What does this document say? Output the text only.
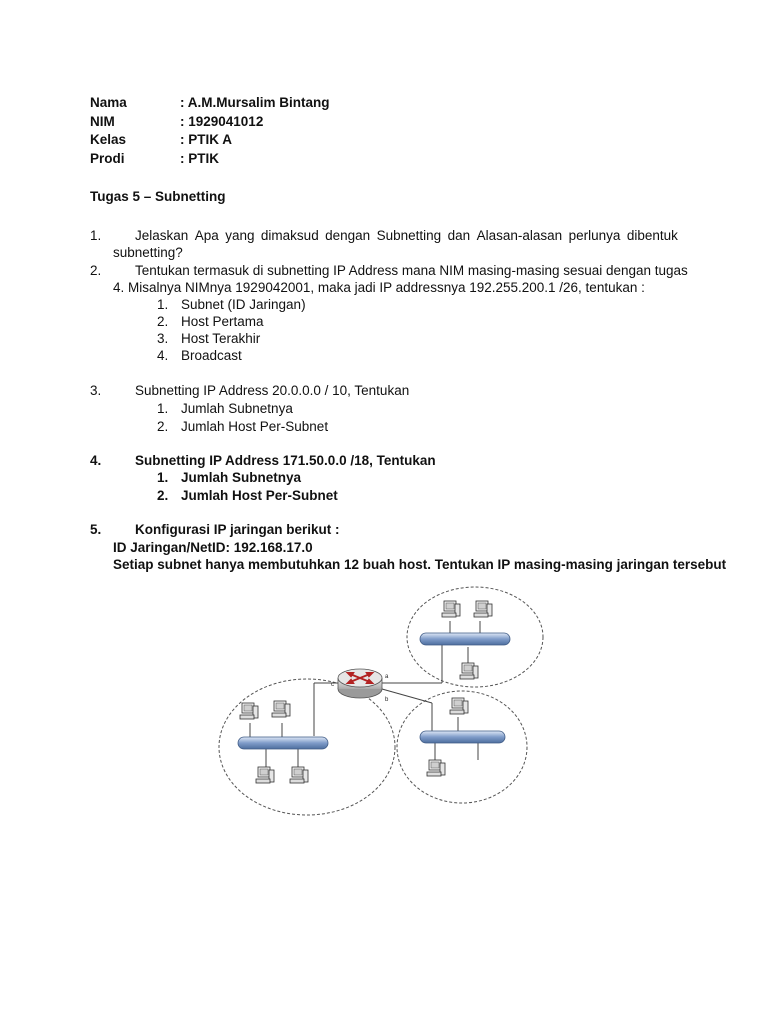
Nama	: A.M.Mursalim Bintang
NIM	: 1929041012
Kelas	: PTIK A
Prodi	: PTIK
Tugas 5 – Subnetting
1. Jelaskan Apa yang dimaksud dengan Subnetting dan Alasan-alasan perlunya dibentuk
subnetting?
2. Tentukan termasuk di subnetting IP Address mana NIM masing-masing sesuai dengan tugas
4. Misalnya NIMnya 1929042001, maka jadi IP addressnya 192.255.200.1 /26, tentukan :
1. Subnet (ID Jaringan)
2. Host Pertama
3. Host Terakhir
4. Broadcast
3. Subnetting IP Address 20.0.0.0 / 10, Tentukan
1. Jumlah Subnetnya
2. Jumlah Host Per-Subnet
4. Subnetting IP Address 171.50.0.0 /18, Tentukan
1. Jumlah Subnetnya
2. Jumlah Host Per-Subnet
5. Konfigurasi IP jaringan berikut :
ID Jaringan/NetID: 192.168.17.0
Setiap subnet hanya membutuhkan 12 buah host. Tentukan IP masing-masing jaringan tersebut
c
a
b
